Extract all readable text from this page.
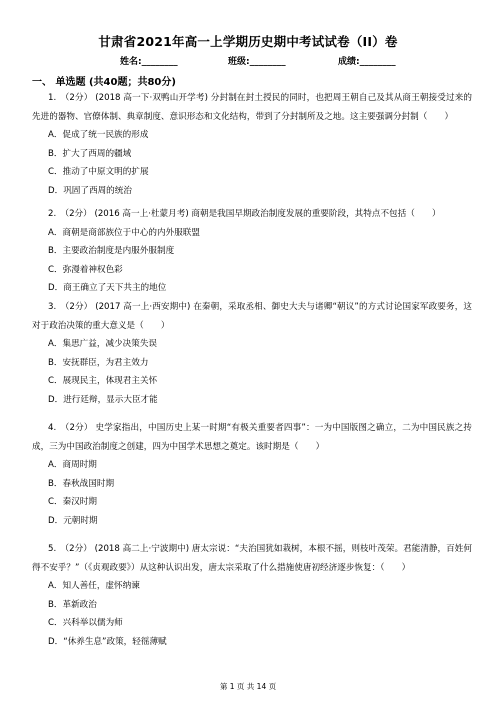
甘肃省2021年高一上学期历史期中考试试卷（II）卷
姓名:________	班级:________	成绩:________
一、 单选题 (共40题；共80分)

1.　（2分） (2018 高一下·双鸭山开学考) 分封制在封土授民的同时，也把周王朝自己及其从商王朝接受过来的先进的器物、官僚体制、典章制度、意识形态和文化结构，带到了分封制所及之地。这主要强调分封制（　　）

A．促成了统一民族的形成

B．扩大了西周的疆域

C．推动了中原文明的扩展

D．巩固了西周的统治

2.　（2分） (2016 高一上·杜蒙月考) 商朝是我国早期政治制度发展的重要阶段，其特点不包括（　　）

A．商朝是商部族位于中心的内外服联盟

B．主要政治制度是内服外服制度

C．弥漫着神权色彩

D．商王确立了天下共主的地位

3.　（2分） (2017 高一上·西安期中) 在秦朝，采取丞相、御史大夫与诸卿“朝议”的方式讨论国家军政要务，这对于政治决策的重大意义是（　　）

A．集思广益，减少决策失误

B．安抚群臣，为君主效力

C．展现民主，体现君主关怀

D．进行廷辩，显示大臣才能

4.　（2分） 史学家指出，中国历史上某一时期“有极关重要者四事”：一为中国版图之确立，二为中国民族之抟成，三为中国政治制度之创建，四为中国学术思想之奠定。该时期是（　　）

A．商周时期

B．春秋战国时期

C．秦汉时期

D．元朝时期

5.　（2分） (2018 高二上·宁波期中) 唐太宗说：“夫治国犹如栽树，本根不摇，则枝叶茂荣。君能清静，百姓何得不安乎？”（《贞观政要》）从这种认识出发，唐太宗采取了什么措施使唐初经济逐步恢复：（　　）

A．知人善任，虚怀纳谏

B．革新政治

C．兴科举以儒为师

D．“休养生息”政策，轻徭薄赋

第 1 页 共 14 页
